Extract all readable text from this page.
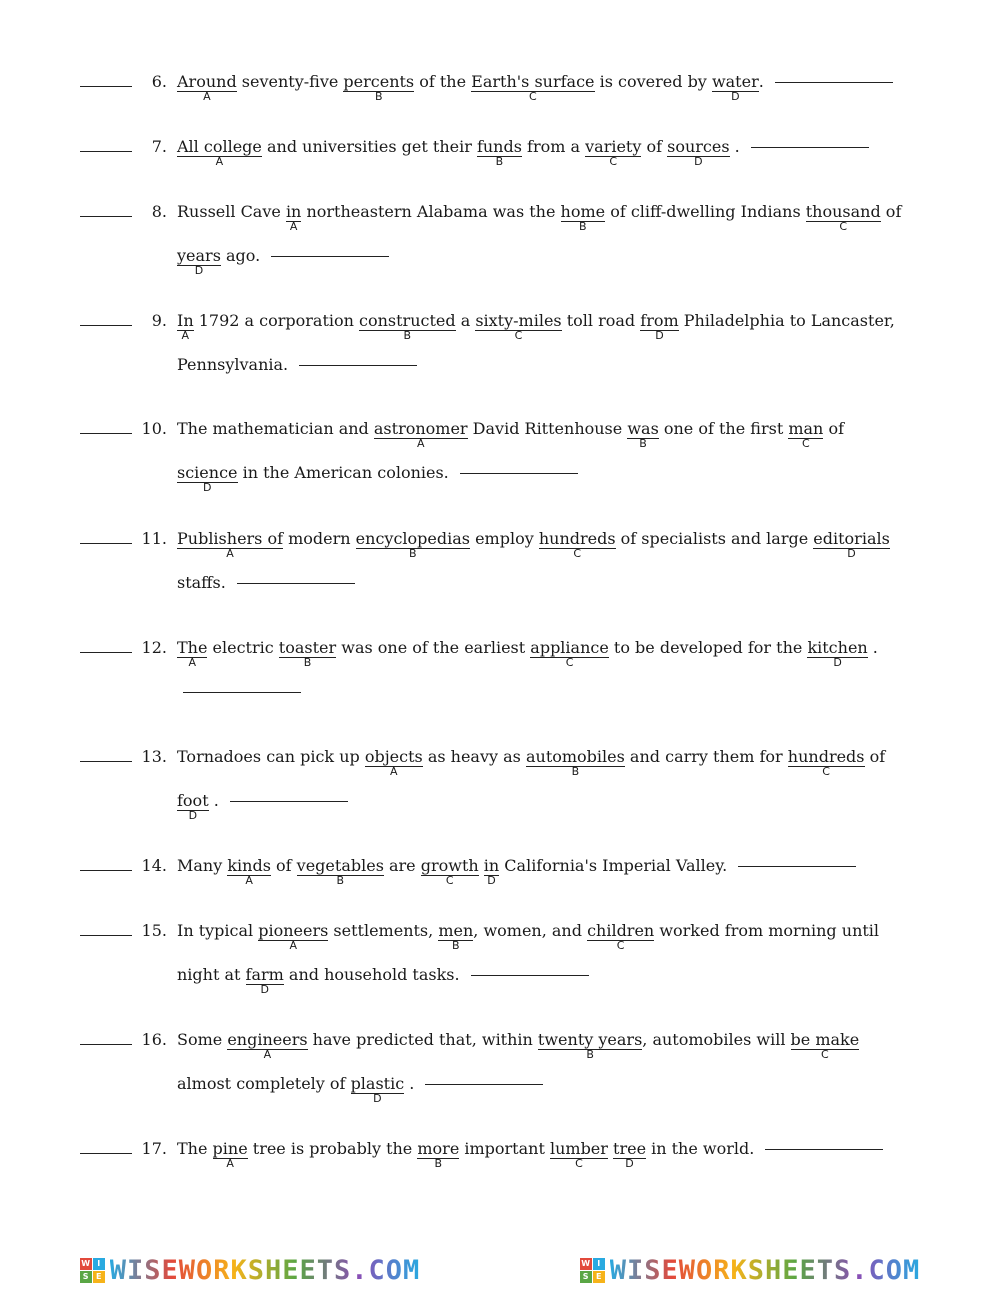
6. Around
A
seventy-five percents
B
of the Earth's surface
C
is covered by water
D
.
7. All college
A
and universities get their funds
B
from a variety
C
of sources
D
.
8. Russell Cave in
A
northeastern Alabama was the home
B
of cliff-dwelling Indians thousand
C
of
years
D
ago.
9. In
A
1792 a corporation constructed
B
a sixty-miles
C
toll road from
D
Philadelphia to Lancaster,
Pennsylvania.
10. The mathematician and astronomer
A
David Rittenhouse was
B
one of the first man
C
of
science
D
in the American colonies.
11. Publishers of
A
modern encyclopedias
B
employ hundreds
C
of specialists and large editorials
D
staffs.
12. The
A
electric toaster
B
was one of the earliest appliance
C
to be developed for the kitchen
D
.
13. Tornadoes can pick up objects
A
as heavy as automobiles
B
and carry them for hundreds
C
of
foot
D
.
14. Many kinds
A
of vegetables
B
are growth
C
in
D
California's Imperial Valley.
15. In typical pioneers
A
settlements, men
B
, women, and children
C
worked from morning until
night at farm
D
and household tasks.
16. Some engineers
A
have predicted that, within twenty years
B
, automobiles will be make
C
almost completely of plastic
D
.
17. The pine
A
tree is probably the more
B
important lumber
C
tree
D
in the world.
W I
S E WISEWORKSHEETS.COM	W I
S E WISEWORKSHEETS.COM
